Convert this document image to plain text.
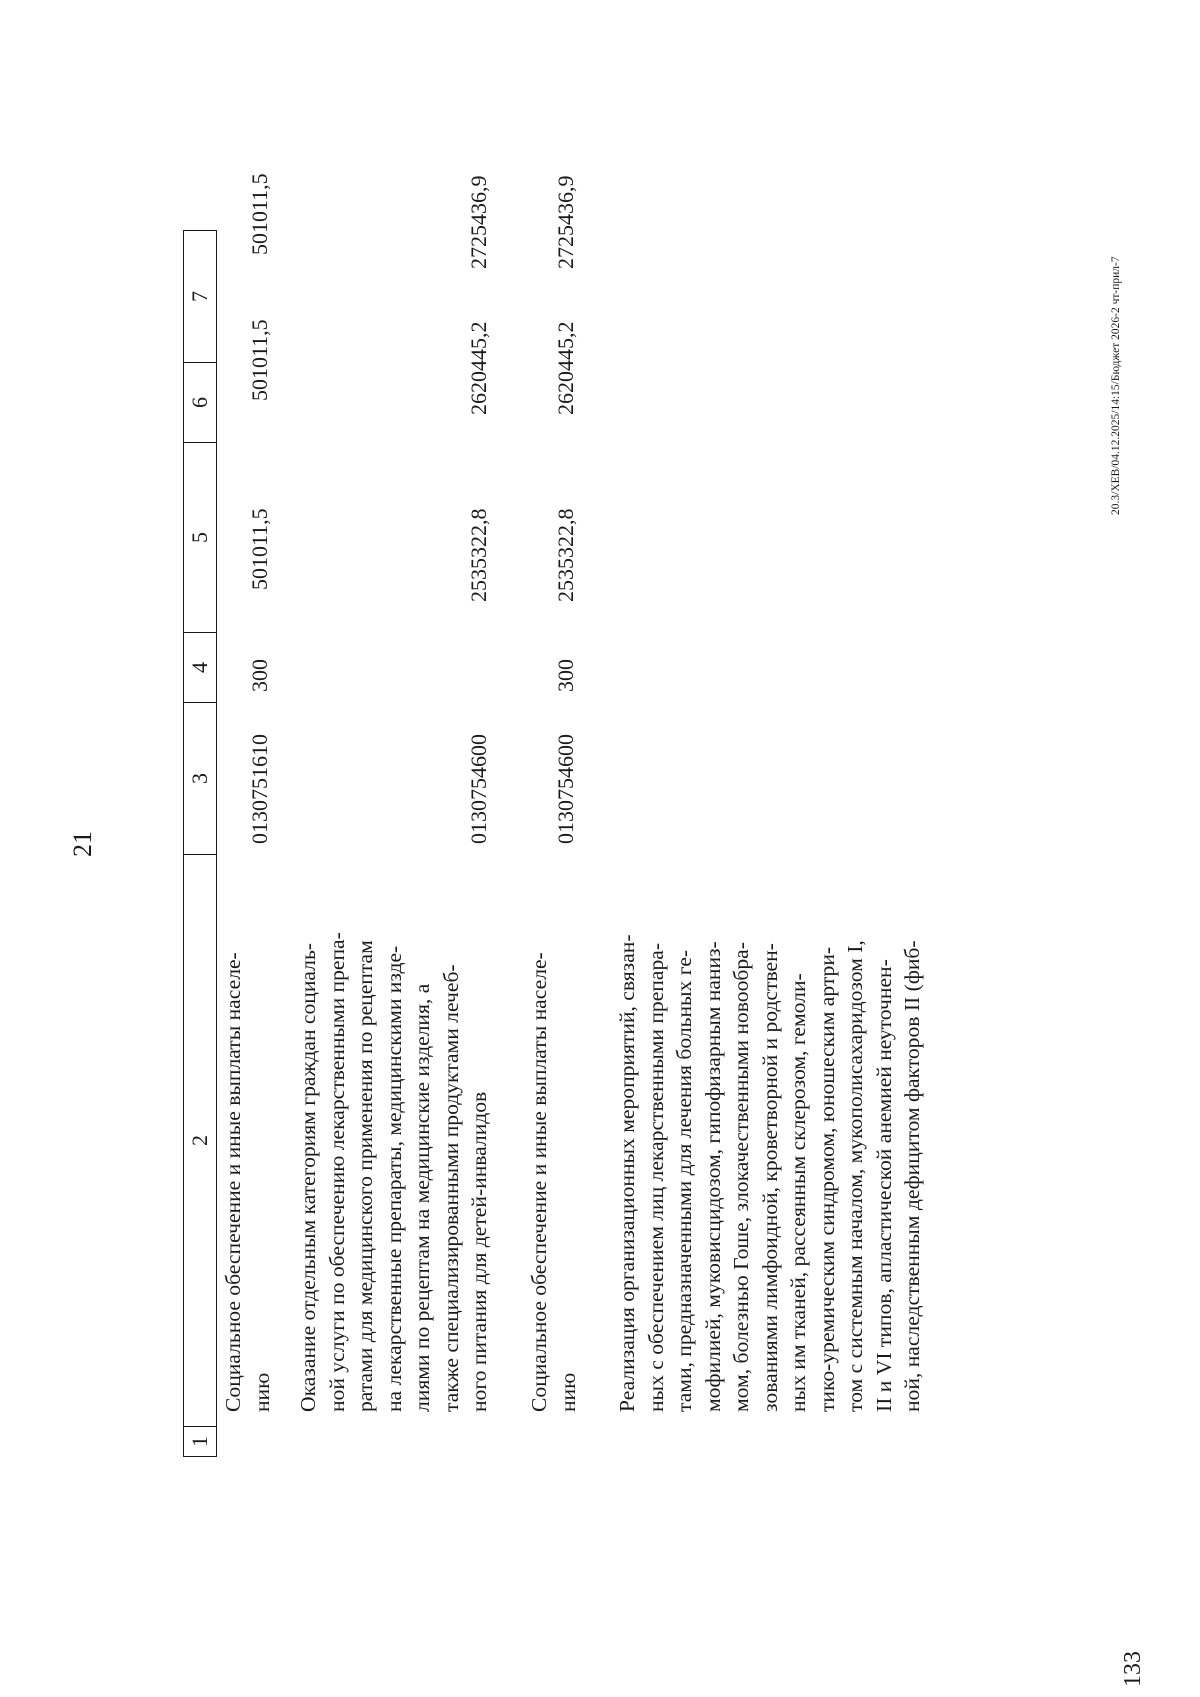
21
133
20.3/ХЕВ/04.12.2025/14:15/Бюджет 2026-2 чт-прил-7
1
2
3
4
5
6
7
Социальное обеспечение и иные выплаты населе- нию
0130751610
300
501011,5
501011,5
501011,5
Оказание отдельным категориям граждан социаль- ной услуги по обеспечению лекарственными препа- ратами для медицинского применения по рецептам на лекарственные препараты, медицинскими изде- лиями по рецептам на медицинские изделия, а также специализированными продуктами лечеб- ного питания для детей-инвалидов
0130754600
2535322,8
2620445,2
2725436,9
Социальное обеспечение и иные выплаты населе- нию
0130754600
300
2535322,8
2620445,2
2725436,9
Реализация организационных мероприятий, связан- ных с обеспечением лиц лекарственными препара- тами, предназначенными для лечения больных ге- мофилией, муковисцидозом, гипофизарным наниз- мом, болезнью Гоше, злокачественными новообра- зованиями лимфоидной, кроветворной и родствен- ных им тканей, рассеянным склерозом, гемоли- тико-уремическим синдромом, юношеским артри- том с системным началом, мукополисахаридозом I, II и VI типов, апластической анемией неуточнен- ной, наследственным дефицитом факторов II (фиб-
